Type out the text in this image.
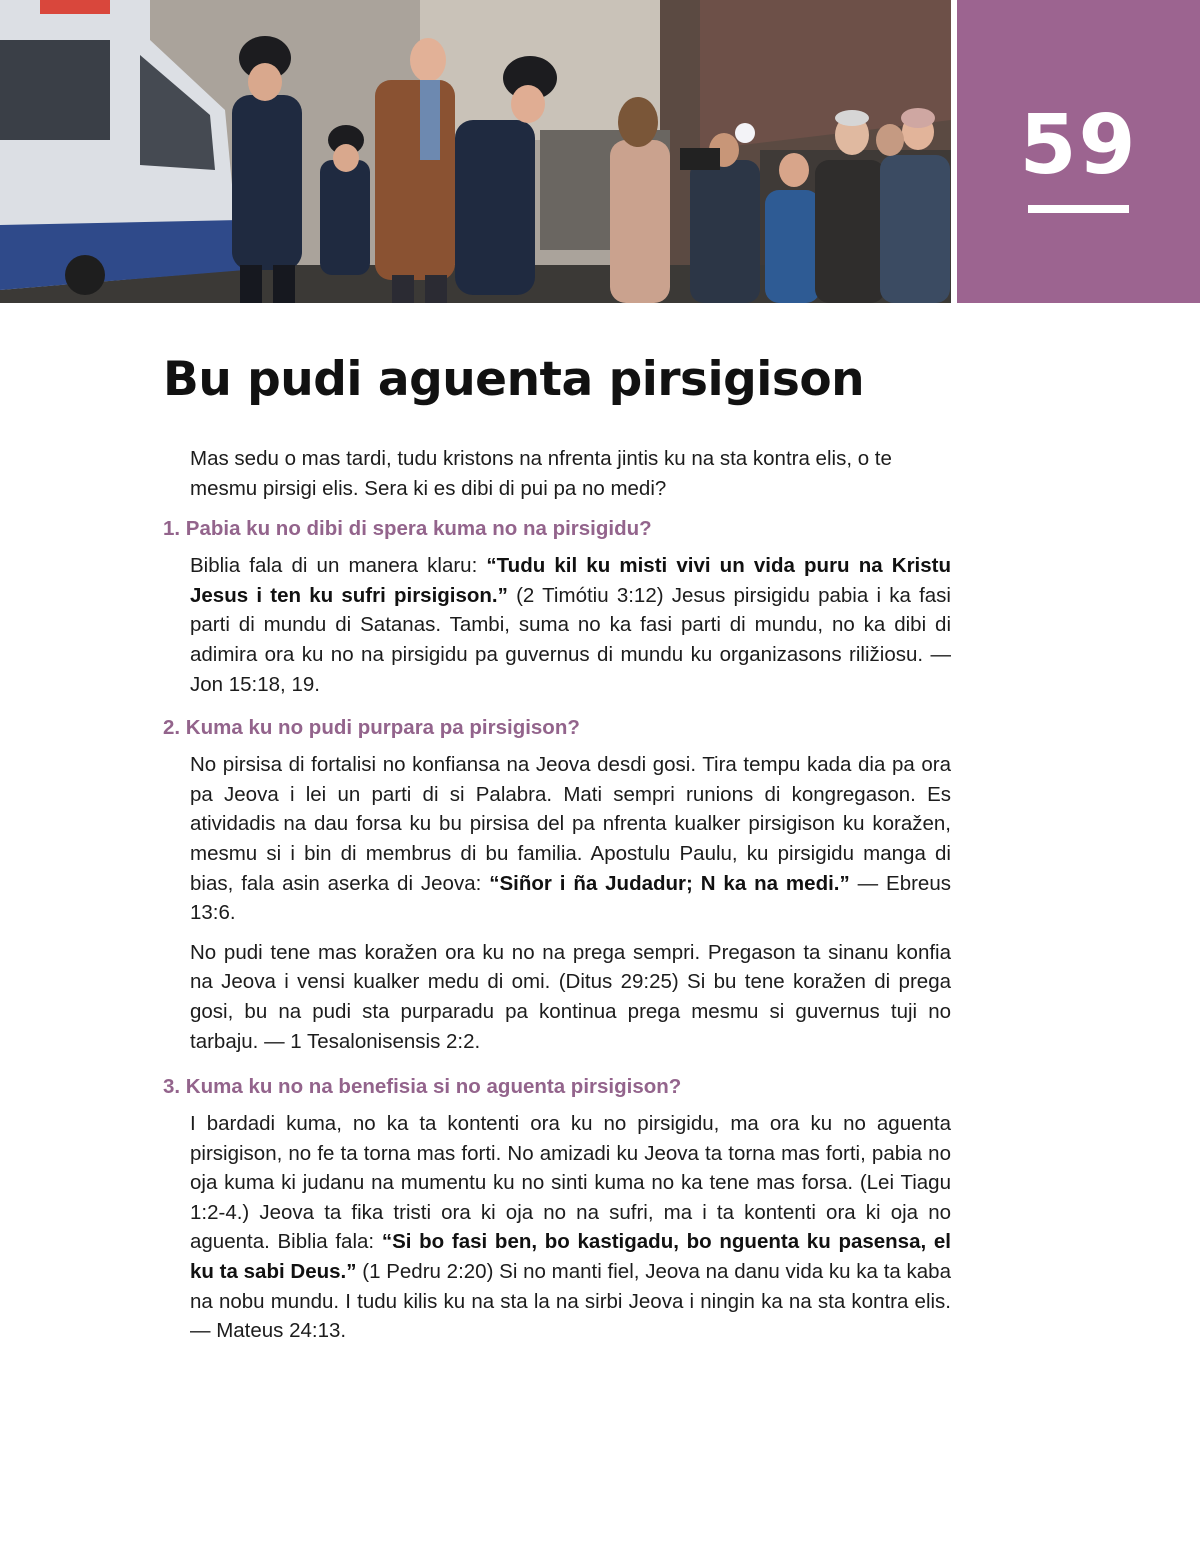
59
Bu pudi aguenta pirsigison

Mas sedu o mas tardi, tudu kristons na nfrenta jintis ku na sta kontra elis, o te mesmu pirsigi elis. Sera ki es dibi di pui pa no medi?

1. Pabia ku no dibi di spera kuma no na pirsigidu?

Biblia fala di un manera klaru: “Tudu kil ku misti vivi un vida puru na Kristu Jesus i ten ku sufri pirsigison.” (2 Timótiu 3:12) Jesus pirsigidu pabia i ka fasi parti di mundu di Satanas. Tambi, suma no ka fasi parti di mundu, no ka dibi di adimira ora ku no na pirsigidu pa guvernus di mundu ku organizasons riližiosu. — Jon 15:18, 19.

2. Kuma ku no pudi purpara pa pirsigison?

No pirsisa di fortalisi no konfiansa na Jeova desdi gosi. Tira tempu kada dia pa ora pa Jeova i lei un parti di si Palabra. Mati sempri runions di kongregason. Es atividadis na dau forsa ku bu pirsisa del pa nfrenta kualker pirsigison ku koražen, mesmu si i bin di membrus di bu familia. Apostulu Paulu, ku pirsigidu manga di bias, fala asin aserka di Jeova: “Siñor i ña Judadur; N ka na medi.” — Ebreus 13:6.

No pudi tene mas koražen ora ku no na prega sempri. Pregason ta sinanu konfia na Jeova i vensi kualker medu di omi. (Ditus 29:25) Si bu tene koražen di prega gosi, bu na pudi sta purparadu pa kontinua prega mesmu si guvernus tuji no tarbaju. — 1 Tesalonisensis 2:2.

3. Kuma ku no na benefisia si no aguenta pirsigison?

I bardadi kuma, no ka ta kontenti ora ku no pirsigidu, ma ora ku no aguenta pirsigison, no fe ta torna mas forti. No amizadi ku Jeova ta torna mas forti, pabia no oja kuma ki judanu na mumentu ku no sinti kuma no ka tene mas forsa. (Lei Tiagu 1:2-4.) Jeova ta fika tristi ora ki oja no na sufri, ma i ta kontenti ora ki oja no aguenta. Biblia fala: “Si bo fasi ben, bo kastigadu, bo nguenta ku pasensa, el ku ta sabi Deus.” (1 Pedru 2:20) Si no manti fiel, Jeova na danu vida ku ka ta kaba na nobu mundu. I tudu kilis ku na sta la na sirbi Jeova i ningin ka na sta kontra elis. — Mateus 24:13.
